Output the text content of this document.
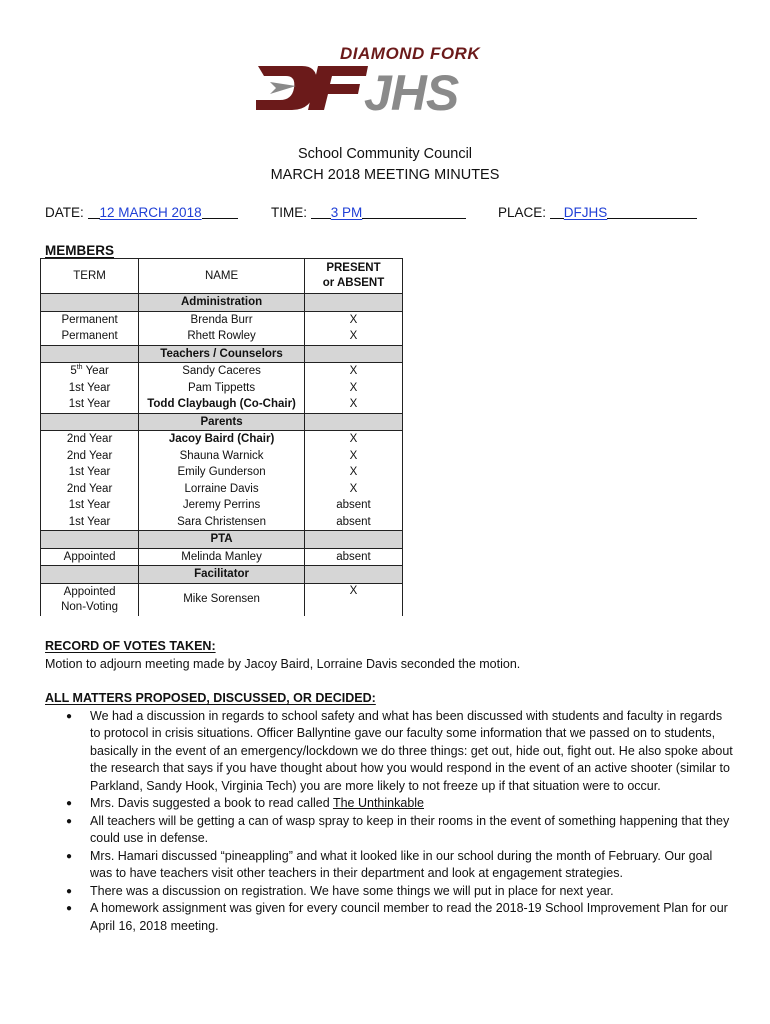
DIAMOND FORK
JHS
School Community Council
MARCH 2018 MEETING MINUTES
DATE: 12 MARCH 2018	TIME: 3 PM	PLACE: DFJHS
MEMBERS
TERM	NAME	PRESENT
or ABSENT
	Administration	
Permanent	Brenda Burr	X
Permanent	Rhett Rowley	X
	Teachers / Counselors	
5th Year	Sandy Caceres	X
1st Year	Pam Tippetts	X
1st Year	Todd Claybaugh (Co-Chair)	X
	Parents	
2nd Year	Jacoy Baird (Chair)	X
2nd Year	Shauna Warnick	X
1st Year	Emily Gunderson	X
2nd Year	Lorraine Davis	X
1st Year	Jeremy Perrins	absent
1st Year	Sara Christensen	absent
	PTA	
Appointed	Melinda Manley	absent
	Facilitator	
Appointed
Non-Voting	Mike Sorensen	X
RECORD OF VOTES TAKEN:
Motion to adjourn meeting made by Jacoy Baird, Lorraine Davis seconded the motion.
ALL MATTERS PROPOSED, DISCUSSED, OR DECIDED:
● We had a discussion in regards to school safety and what has been discussed with students and faculty in regards to protocol in crisis situations. Officer Ballyntine gave our faculty some information that we passed on to students, basically in the event of an emergency/lockdown we do three things: get out, hide out, fight out. He also spoke about the research that says if you have thought about how you would respond in the event of an active shooter (similar to Parkland, Sandy Hook, Virginia Tech) you are more likely to not freeze up if that situation were to occur.
● Mrs. Davis suggested a book to read called The Unthinkable
● All teachers will be getting a can of wasp spray to keep in their rooms in the event of something happening that they could use in defense.
● Mrs. Hamari discussed “pineappling” and what it looked like in our school during the month of February. Our goal was to have teachers visit other teachers in their department and look at engagement strategies.
● There was a discussion on registration. We have some things we will put in place for next year.
● A homework assignment was given for every council member to read the 2018-19 School Improvement Plan for our April 16, 2018 meeting.
